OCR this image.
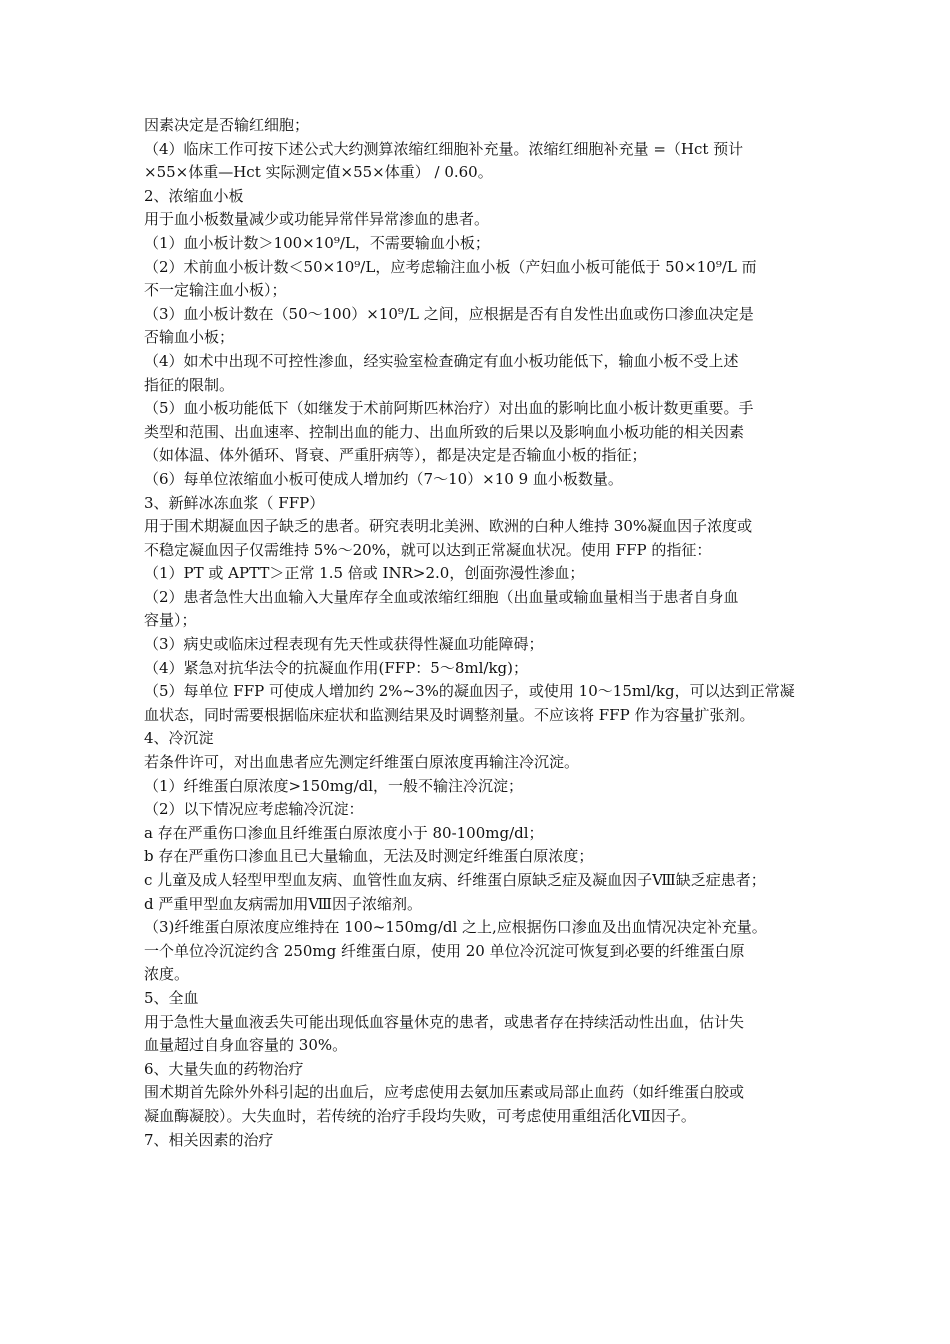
因素决定是否输红细胞；
（4）临床工作可按下述公式大约测算浓缩红细胞补充量。浓缩红细胞补充量 =（Hct 预计
×55×体重—Hct 实际测定值×55×体重） / 0.60。
2、浓缩血小板
用于血小板数量减少或功能异常伴异常渗血的患者。
（1）血小板计数＞100×10⁹/L，不需要输血小板；
（2）术前血小板计数＜50×10⁹/L，应考虑输注血小板（产妇血小板可能低于 50×10⁹/L 而
不一定输注血小板）；
（3）血小板计数在（50～100）×10⁹/L 之间，应根据是否有自发性出血或伤口渗血决定是
否输血小板；
（4）如术中出现不可控性渗血，经实验室检查确定有血小板功能低下，输血小板不受上述
指征的限制。
（5）血小板功能低下（如继发于术前阿斯匹林治疗）对出血的影响比血小板计数更重要。手
类型和范围、出血速率、控制出血的能力、出血所致的后果以及影响血小板功能的相关因素
（如体温、体外循环、肾衰、严重肝病等），都是决定是否输血小板的指征；
（6）每单位浓缩血小板可使成人增加约（7～10）×10 9 血小板数量。
3、新鲜冰冻血浆（ FFP）
用于围术期凝血因子缺乏的患者。研究表明北美洲、欧洲的白种人维持 30%凝血因子浓度或
不稳定凝血因子仅需维持 5%～20%，就可以达到正常凝血状况。使用 FFP 的指征：
（1）PT 或 APTT＞正常 1.5 倍或 INR>2.0，创面弥漫性渗血；
（2）患者急性大出血输入大量库存全血或浓缩红细胞（出血量或输血量相当于患者自身血
容量）；
（3）病史或临床过程表现有先天性或获得性凝血功能障碍；
（4）紧急对抗华法令的抗凝血作用(FFP：5～8ml/kg)；
（5）每单位 FFP 可使成人增加约 2%~3%的凝血因子，或使用 10～15ml/kg，可以达到正常凝
血状态，同时需要根据临床症状和监测结果及时调整剂量。不应该将 FFP 作为容量扩张剂。
4、冷沉淀
若条件许可，对出血患者应先测定纤维蛋白原浓度再输注冷沉淀。
（1）纤维蛋白原浓度>150mg/dl，一般不输注冷沉淀；
（2）以下情况应考虑输冷沉淀：
a 存在严重伤口渗血且纤维蛋白原浓度小于 80-100mg/dl；
b 存在严重伤口渗血且已大量输血，无法及时测定纤维蛋白原浓度；
c 儿童及成人轻型甲型血友病、血管性血友病、纤维蛋白原缺乏症及凝血因子Ⅷ缺乏症患者；
d 严重甲型血友病需加用Ⅷ因子浓缩剂。
（3)纤维蛋白原浓度应维持在 100~150mg/dl 之上,应根据伤口渗血及出血情况决定补充量。
一个单位冷沉淀约含 250mg 纤维蛋白原，使用 20 单位冷沉淀可恢复到必要的纤维蛋白原
浓度。
5、全血
用于急性大量血液丢失可能出现低血容量休克的患者，或患者存在持续活动性出血，估计失
血量超过自身血容量的 30%。
6、大量失血的药物治疗
围术期首先除外外科引起的出血后，应考虑使用去氨加压素或局部止血药（如纤维蛋白胶或
凝血酶凝胶）。大失血时，若传统的治疗手段均失败，可考虑使用重组活化Ⅶ因子。
7、相关因素的治疗
